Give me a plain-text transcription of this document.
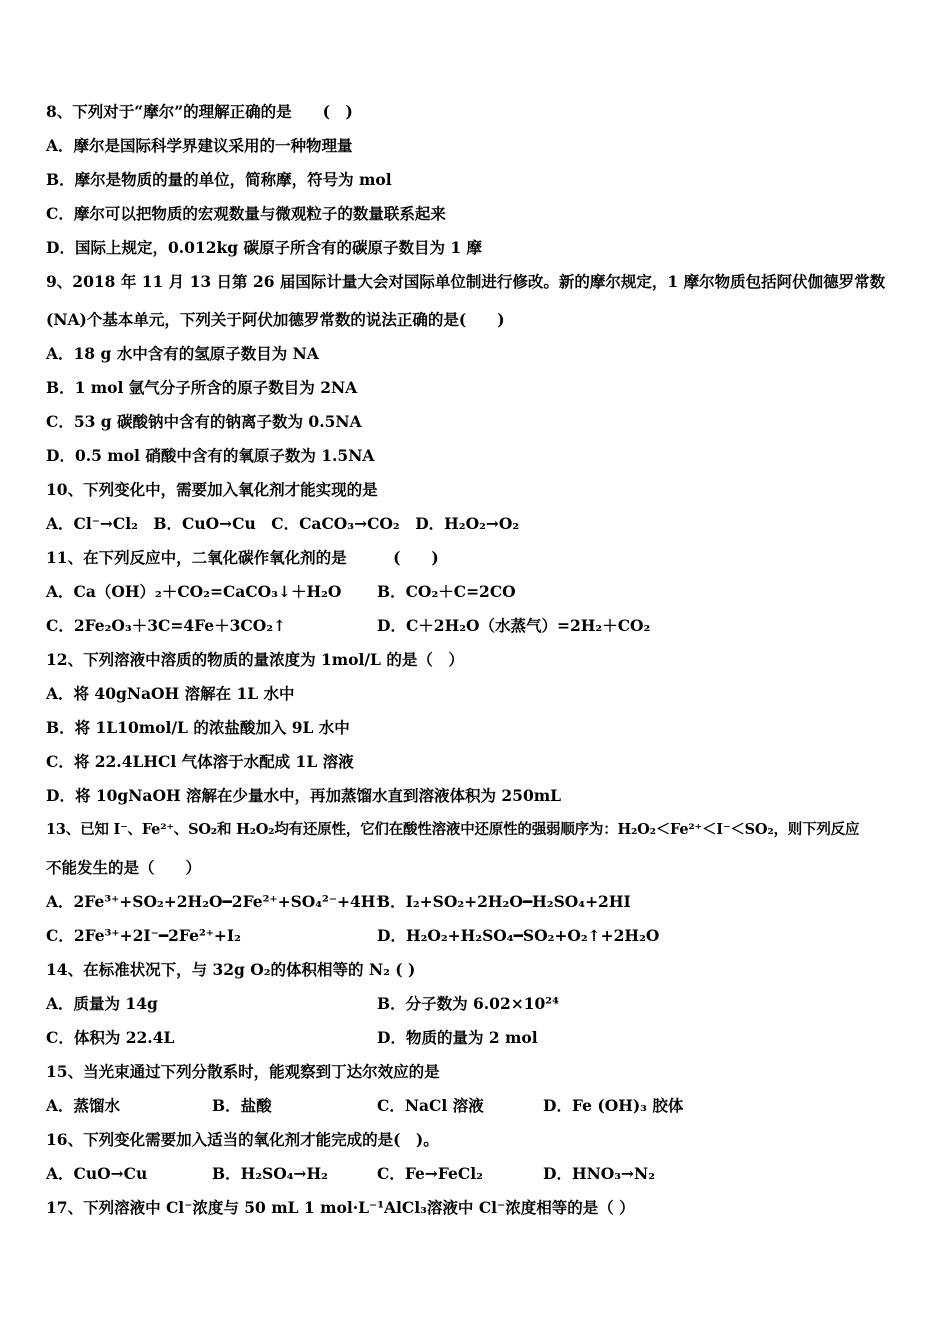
8、下列对于“摩尔”的理解正确的是　　(　)
A．摩尔是国际科学界建议采用的一种物理量
B．摩尔是物质的量的单位，简称摩，符号为 mol
C．摩尔可以把物质的宏观数量与微观粒子的数量联系起来
D．国际上规定，0.012kg 碳原子所含有的碳原子数目为 1 摩
9、2018 年 11 月 13 日第 26 届国际计量大会对国际单位制进行修改。新的摩尔规定，1 摩尔物质包括阿伏伽德罗常数
(NA)个基本单元，下列关于阿伏加德罗常数的说法正确的是(　　)
A．18 g 水中含有的氢原子数目为 NA
B．1 mol 氩气分子所含的原子数目为 2NA
C．53 g 碳酸钠中含有的钠离子数为 0.5NA
D．0.5 mol 硝酸中含有的氧原子数为 1.5NA
10、下列变化中，需要加入氧化剂才能实现的是
A．Cl⁻→Cl₂　B．CuO→Cu　C．CaCO₃→CO₂　D．H₂O₂→O₂
11、在下列反应中，二氧化碳作氧化剂的是　　　(　　)
A．Ca（OH）₂＋CO₂=CaCO₃↓＋H₂O B．CO₂＋C=2CO
C．2Fe₂O₃＋3C=4Fe＋3CO₂↑	D．C＋2H₂O（水蒸气）=2H₂＋CO₂
12、下列溶液中溶质的物质的量浓度为 1mol/L 的是（　）
A．将 40gNaOH 溶解在 1L 水中
B．将 1L10mol/L 的浓盐酸加入 9L 水中
C．将 22.4LHCl 气体溶于水配成 1L 溶液
D．将 10gNaOH 溶解在少量水中，再加蒸馏水直到溶液体积为 250mL
13、已知 I⁻、Fe²⁺、SO₂和 H₂O₂均有还原性，它们在酸性溶液中还原性的强弱顺序为：H₂O₂＜Fe²⁺＜I⁻＜SO₂，则下列反应
不能发生的是（　　）
A．2Fe³⁺+SO₂+2H₂O━2Fe²⁺+SO₄²⁻+4H⁺
B．I₂+SO₂+2H₂O━H₂SO₄+2HI
C．2Fe³⁺+2I⁻━2Fe²⁺+I₂	D．H₂O₂+H₂SO₄━SO₂+O₂↑+2H₂O
14、在标准状况下，与 32g O₂的体积相等的 N₂ ( )
A．质量为 14g	B．分子数为 6.02×10²⁴
C．体积为 22.4L	D．物质的量为 2 mol
15、当光束通过下列分散系时，能观察到丁达尔效应的是
A．蒸馏水	B．盐酸	C．NaCl 溶液	D．Fe (OH)₃ 胶体
16、下列变化需要加入适当的氧化剂才能完成的是(　)。
A．CuO→Cu	B．H₂SO₄→H₂	C．Fe→FeCl₂	D．HNO₃→N₂
17、下列溶液中 Cl⁻浓度与 50 mL 1 mol·L⁻¹AlCl₃溶液中 Cl⁻浓度相等的是（ ）
